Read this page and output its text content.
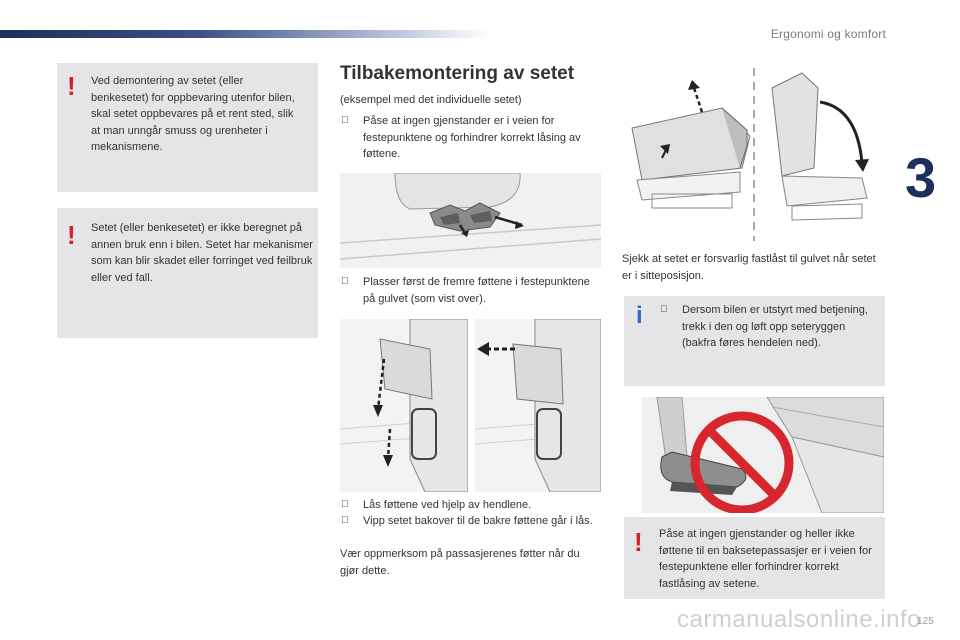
Ergonomi og komfort
3
! Ved demontering av setet (eller benkesetet) for oppbevaring utenfor bilen, skal setet oppbevares på et rent sted, slik at man unngår smuss og urenheter i mekanismene.

! Setet (eller benkesetet) er ikke beregnet på annen bruk enn i bilen. Setet har mekanismer som kan blir skadet eller forringet ved feilbruk eller ved fall.

Tilbakemontering av setet

(eksempel med det individuelle setet)

Påse at ingen gjenstander er i veien for festepunktene og forhindrer korrekt låsing av føttene.
Plasser først de fremre føttene i festepunktene på gulvet (som vist over).
Lås føttene ved hjelp av hendlene.
Vipp setet bakover til de bakre føttene går i lås.

Vær oppmerksom på passasjerenes føtter når du gjør dette.

Sjekk at setet er forsvarlig fastlåst til gulvet når setet er i sitteposisjon.

i	Dersom bilen er utstyrt med betjening, trekk i den og løft opp seteryggen (bakfra føres hendelen ned).
! Påse at ingen gjenstander og heller ikke føttene til en baksetepassasjer er i veien for festepunktene eller forhindrer korrekt fastlåsing av setene.

carmanualsonline.info
125
